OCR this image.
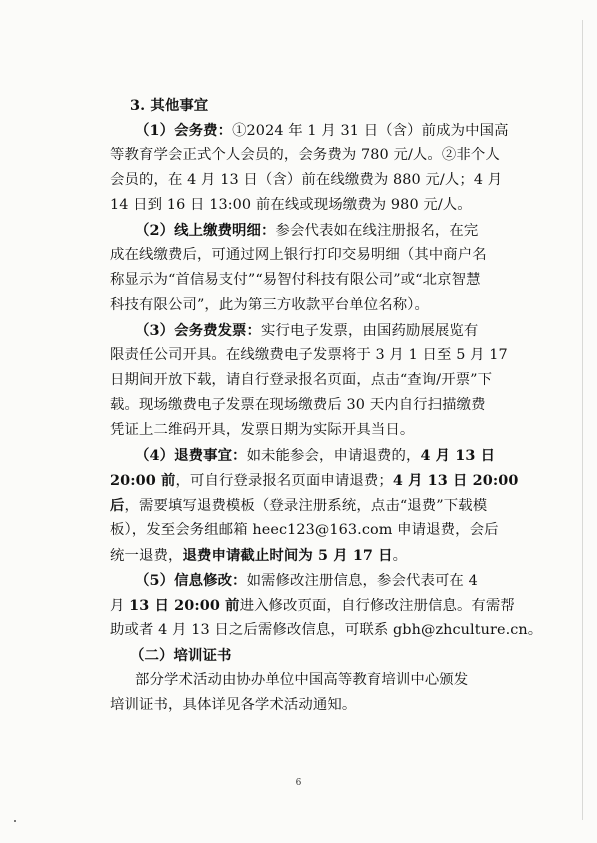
3. 其他事宜
（1）会务费：①2024 年 1 月 31 日（含）前成为中国高
等教育学会正式个人会员的，会务费为 780 元/人。②非个人
会员的，在 4 月 13 日（含）前在线缴费为 880 元/人；4 月
14 日到 16 日 13:00 前在线或现场缴费为 980 元/人。
（2）线上缴费明细：参会代表如在线注册报名，在完
成在线缴费后，可通过网上银行打印交易明细（其中商户名
称显示为“首信易支付”“易智付科技有限公司”或“北京智慧
科技有限公司”，此为第三方收款平台单位名称）。
（3）会务费发票：实行电子发票，由国药励展展览有
限责任公司开具。在线缴费电子发票将于 3 月 1 日至 5 月 17
日期间开放下载，请自行登录报名页面，点击“查询/开票”下
载。现场缴费电子发票在现场缴费后 30 天内自行扫描缴费
凭证上二维码开具，发票日期为实际开具当日。
（4）退费事宜：如未能参会，申请退费的，4 月 13 日
20:00 前，可自行登录报名页面申请退费；4 月 13 日 20:00
后，需要填写退费模板（登录注册系统，点击“退费”下载模
板），发至会务组邮箱 heec123@163.com 申请退费，会后
统一退费，退费申请截止时间为 5 月 17 日。
（5）信息修改：如需修改注册信息，参会代表可在 4
月 13 日 20:00 前进入修改页面，自行修改注册信息。有需帮
助或者 4 月 13 日之后需修改信息，可联系 gbh@zhculture.cn。
（二）培训证书
部分学术活动由协办单位中国高等教育培训中心颁发
培训证书，具体详见各学术活动通知。
6
